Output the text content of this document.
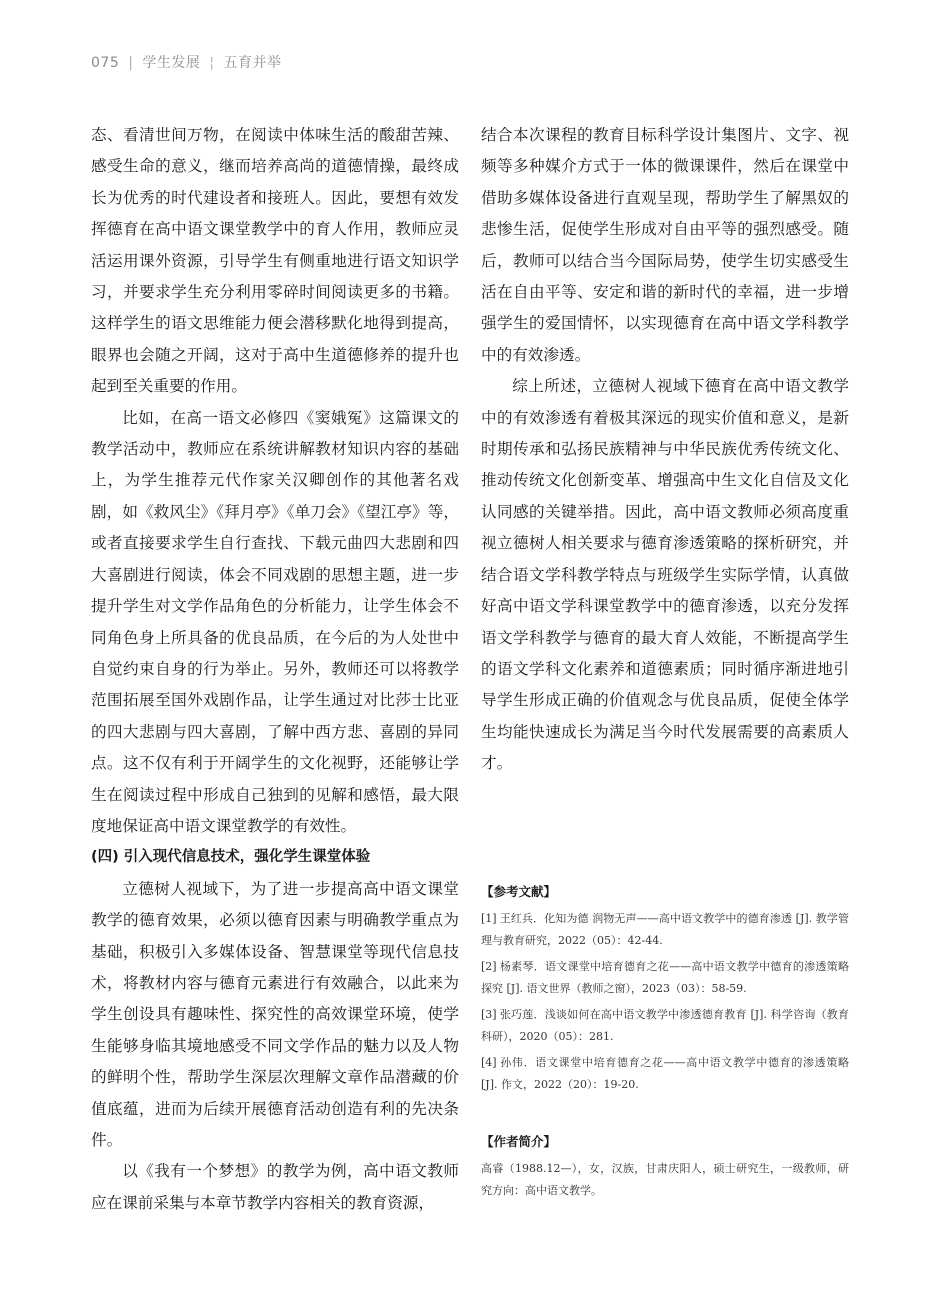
075 | 学生发展 ¦ 五育并举

态、看清世间万物，在阅读中体味生活的酸甜苦辣、感受生命的意义，继而培养高尚的道德情操，最终成长为优秀的时代建设者和接班人。因此，要想有效发挥德育在高中语文课堂教学中的育人作用，教师应灵活运用课外资源，引导学生有侧重地进行语文知识学习，并要求学生充分利用零碎时间阅读更多的书籍。这样学生的语文思维能力便会潜移默化地得到提高，眼界也会随之开阔，这对于高中生道德修养的提升也起到至关重要的作用。

比如，在高一语文必修四《窦娥冤》这篇课文的教学活动中，教师应在系统讲解教材知识内容的基础上，为学生推荐元代作家关汉卿创作的其他著名戏剧，如《救风尘》《拜月亭》《单刀会》《望江亭》等，或者直接要求学生自行查找、下载元曲四大悲剧和四大喜剧进行阅读，体会不同戏剧的思想主题，进一步提升学生对文学作品角色的分析能力，让学生体会不同角色身上所具备的优良品质，在今后的为人处世中自觉约束自身的行为举止。另外，教师还可以将教学范围拓展至国外戏剧作品，让学生通过对比莎士比亚的四大悲剧与四大喜剧，了解中西方悲、喜剧的异同点。这不仅有利于开阔学生的文化视野，还能够让学生在阅读过程中形成自己独到的见解和感悟，最大限度地保证高中语文课堂教学的有效性。

(四) 引入现代信息技术，强化学生课堂体验

立德树人视域下，为了进一步提高高中语文课堂教学的德育效果，必须以德育因素与明确教学重点为基础，积极引入多媒体设备、智慧课堂等现代信息技术，将教材内容与德育元素进行有效融合，以此来为学生创设具有趣味性、探究性的高效课堂环境，使学生能够身临其境地感受不同文学作品的魅力以及人物的鲜明个性，帮助学生深层次理解文章作品潜藏的价值底蕴，进而为后续开展德育活动创造有利的先决条件。

以《我有一个梦想》的教学为例，高中语文教师应在课前采集与本章节教学内容相关的教育资源，

结合本次课程的教育目标科学设计集图片、文字、视频等多种媒介方式于一体的微课课件，然后在课堂中借助多媒体设备进行直观呈现，帮助学生了解黑奴的悲惨生活，促使学生形成对自由平等的强烈感受。随后，教师可以结合当今国际局势，使学生切实感受生活在自由平等、安定和谐的新时代的幸福，进一步增强学生的爱国情怀，以实现德育在高中语文学科教学中的有效渗透。

综上所述，立德树人视域下德育在高中语文教学中的有效渗透有着极其深远的现实价值和意义，是新时期传承和弘扬民族精神与中华民族优秀传统文化、推动传统文化创新变革、增强高中生文化自信及文化认同感的关键举措。因此，高中语文教师必须高度重视立德树人相关要求与德育渗透策略的探析研究，并结合语文学科教学特点与班级学生实际学情，认真做好高中语文学科课堂教学中的德育渗透，以充分发挥语文学科教学与德育的最大育人效能，不断提高学生的语文学科文化素养和道德素质；同时循序渐进地引导学生形成正确的价值观念与优良品质，促使全体学生均能快速成长为满足当今时代发展需要的高素质人才。

【参考文献】
[1] 王红兵．化知为德 润物无声——高中语文教学中的德育渗透 [J]. 教学管理与教育研究，2022（05）：42-44.
[2] 杨素琴．语文课堂中培育德育之花——高中语文教学中德育的渗透策略探究 [J]. 语文世界（教师之窗），2023（03）：58-59.
[3] 张巧莲．浅谈如何在高中语文教学中渗透德育教育 [J]. 科学咨询（教育科研），2020（05）：281.
[4] 孙伟．语文课堂中培育德育之花——高中语文教学中德育的渗透策略 [J]. 作文，2022（20）：19-20.
【作者简介】
高睿（1988.12—），女，汉族，甘肃庆阳人，硕士研究生，一级教师，研究方向：高中语文教学。
